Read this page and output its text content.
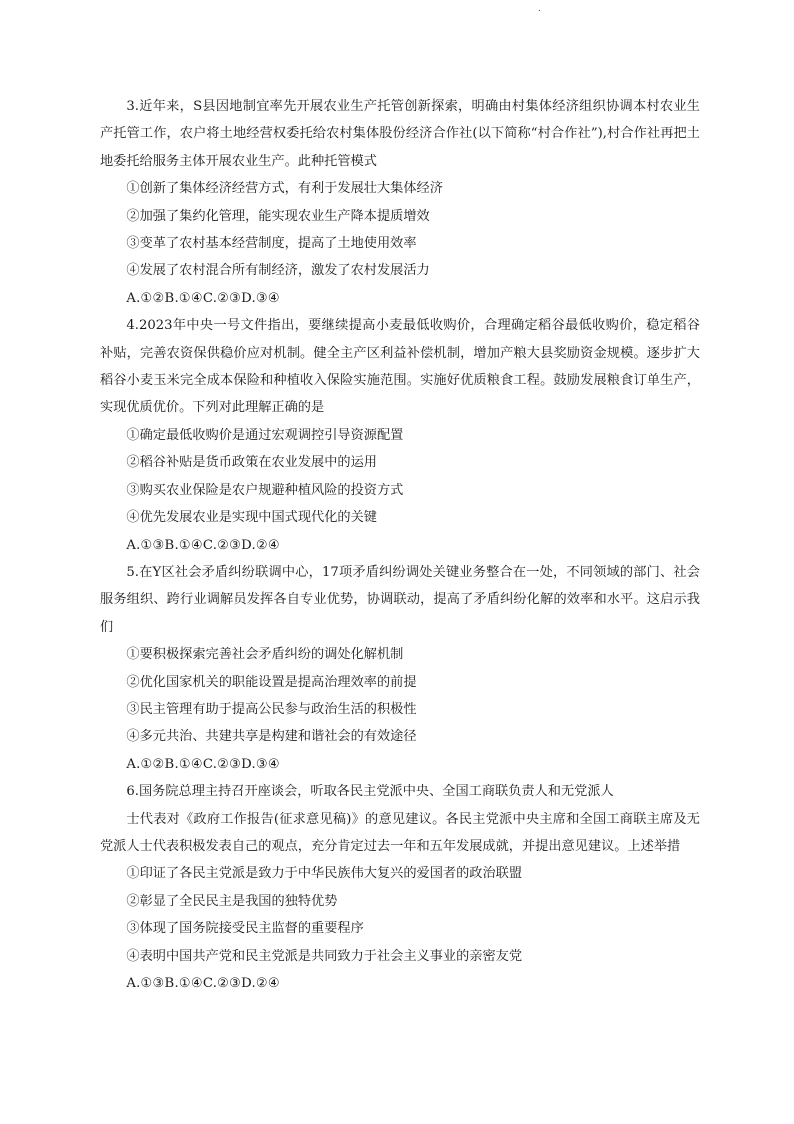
.

3.近年来，S县因地制宜率先开展农业生产托管创新探索，明确由村集体经济组织协调本村农业生产托管工作，农户将土地经营权委托给农村集体股份经济合作社(以下简称“村合作社”),村合作社再把土地委托给服务主体开展农业生产。此种托管模式

①创新了集体经济经营方式，有利于发展壮大集体经济

②加强了集约化管理，能实现农业生产降本提质增效

③变革了农村基本经营制度，提高了土地使用效率

④发展了农村混合所有制经济，激发了农村发展活力

A.①②B.①④C.②③D.③④

4.2023年中央一号文件指出，要继续提高小麦最低收购价，合理确定稻谷最低收购价，稳定稻谷补贴，完善农资保供稳价应对机制。健全主产区利益补偿机制，增加产粮大县奖励资金规模。逐步扩大稻谷小麦玉米完全成本保险和种植收入保险实施范围。实施好优质粮食工程。鼓励发展粮食订单生产，实现优质优价。下列对此理解正确的是

①确定最低收购价是通过宏观调控引导资源配置

②稻谷补贴是货币政策在农业发展中的运用

③购买农业保险是农户规避种植风险的投资方式

④优先发展农业是实现中国式现代化的关键

A.①③B.①④C.②③D.②④

5.在Y区社会矛盾纠纷联调中心，17项矛盾纠纷调处关键业务整合在一处，不同领域的部门、社会服务组织、跨行业调解员发挥各自专业优势，协调联动，提高了矛盾纠纷化解的效率和水平。这启示我们

①要积极探索完善社会矛盾纠纷的调处化解机制

②优化国家机关的职能设置是提高治理效率的前提

③民主管理有助于提高公民参与政治生活的积极性

④多元共治、共建共享是构建和谐社会的有效途径

A.①②B.①④C.②③D.③④

6.国务院总理主持召开座谈会，听取各民主党派中央、全国工商联负责人和无党派人

士代表对《政府工作报告(征求意见稿)》的意见建议。各民主党派中央主席和全国工商联主席及无党派人士代表积极发表自己的观点，充分肯定过去一年和五年发展成就，并提出意见建议。上述举措

①印证了各民主党派是致力于中华民族伟大复兴的爱国者的政治联盟

②彰显了全民民主是我国的独特优势

③体现了国务院接受民主监督的重要程序

④表明中国共产党和民主党派是共同致力于社会主义事业的亲密友党

A.①③B.①④C.②③D.②④
